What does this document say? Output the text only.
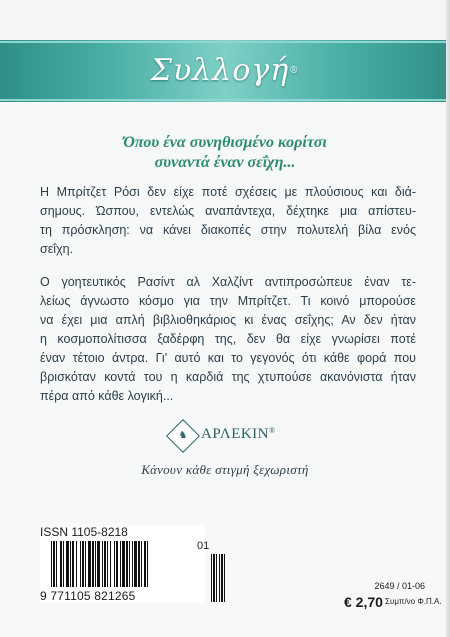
Συλλογή®
Όπου ένα συνηθισμένο κορίτσι
συναντά έναν σεΐχη...
Η Μπρίτζετ Ρόσι δεν είχε ποτέ σχέσεις με πλούσιους και διά-
σημους. Ώσπου, εντελώς αναπάντεχα, δέχτηκε μια απίστευ-
τη πρόσκληση: να κάνει διακοπές στην πολυτελή βίλα ενός
σεΐχη.
Ο γοητευτικός Ρασίντ αλ Χαλζίντ αντιπροσώπευε έναν τε-
λείως άγνωστο κόσμο για την Μπρίτζετ. Τι κοινό μπορούσε
να έχει μια απλή βιβλιοθηκάριος κι ένας σεΐχης; Αν δεν ήταν
η κοσμοπολίτισσα ξαδέρφη της, δεν θα είχε γνωρίσει ποτέ
έναν τέτοιο άντρα. Γι' αυτό και το γεγονός ότι κάθε φορά που
βρισκόταν κοντά του η καρδιά της χτυπούσε ακανόνιστα ήταν
πέρα από κάθε λογική...
♞ ΑΡΛΕΚΙΝ®
Κάνουν κάθε στιγμή ξεχωριστή
ISSN 1105-8218
01
9 771105 821265
2649 / 01-06
€ 2,70 Συμπ/νο Φ.Π.Α.
